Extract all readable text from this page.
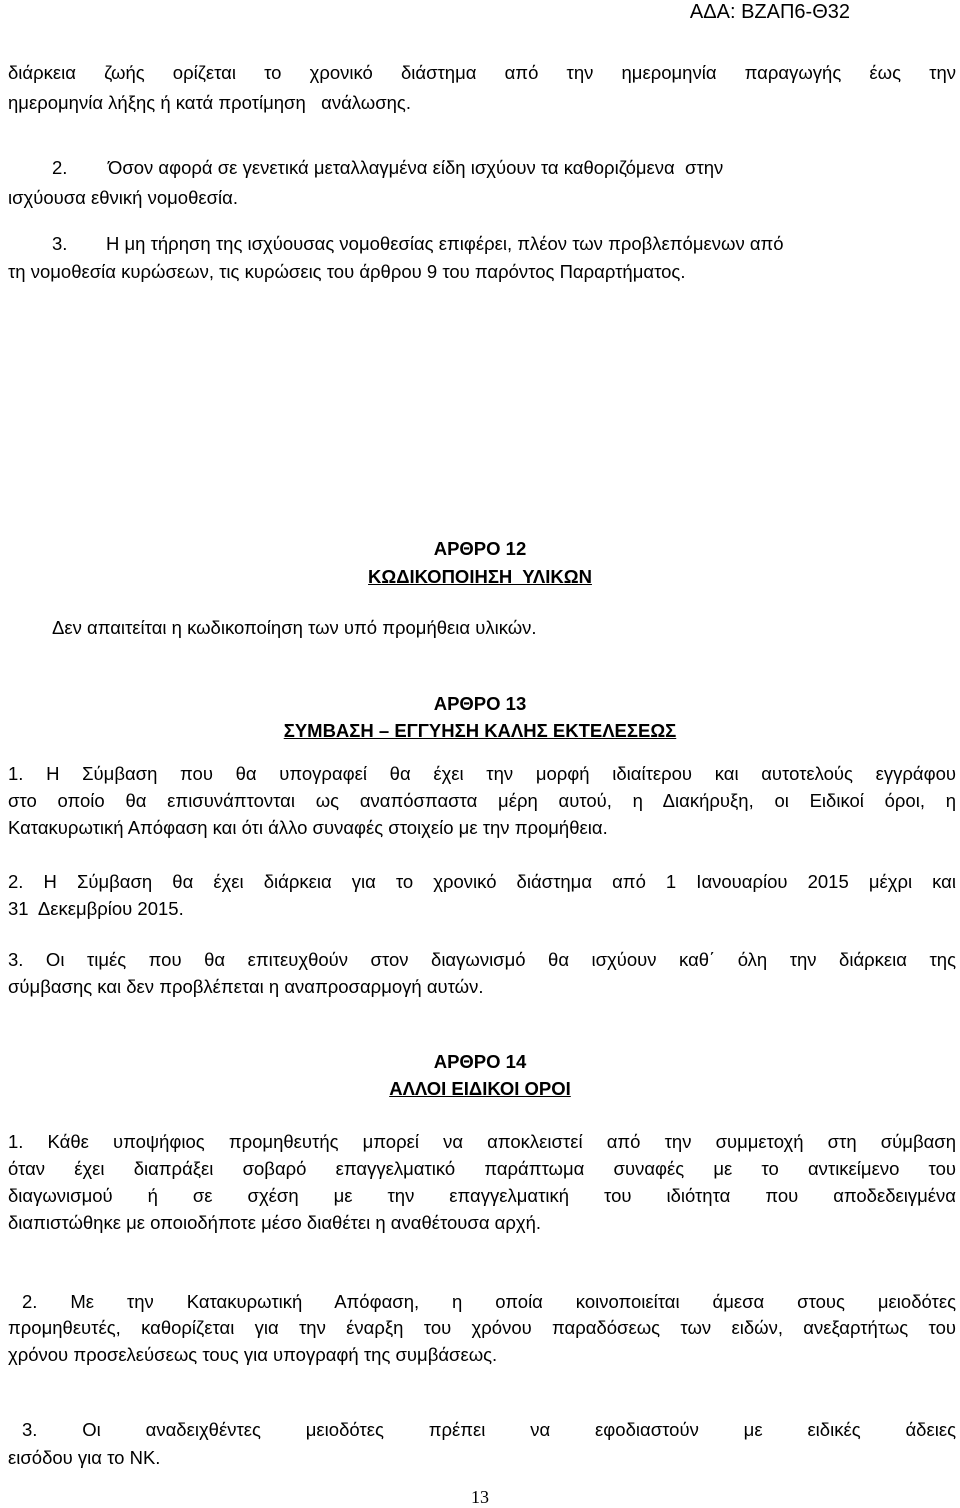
ΑΔΑ: ΒΖΑΠ6-Θ32
διάρκεια ζωής ορίζεται το χρονικό διάστημα από την ημερομηνία παραγωγής έως την
ημερομηνία λήξης ή κατά προτίμηση   ανάλωσης.
2. Όσον αφορά σε γενετικά μεταλλαγμένα είδη ισχύουν τα καθοριζόμενα  στην
ισχύουσα εθνική νομοθεσία.
3. Η μη τήρηση της ισχύουσας νομοθεσίας επιφέρει, πλέον των προβλεπόμενων από
τη νομοθεσία κυρώσεων, τις κυρώσεις του άρθρου 9 του παρόντος Παραρτήματος.
ΑΡΘΡΟ 12
ΚΩΔΙΚΟΠΟΙΗΣΗ  ΥΛΙΚΩΝ
Δεν απαιτείται η κωδικοποίηση των υπό προμήθεια υλικών.
ΑΡΘΡΟ 13
ΣΥΜΒΑΣΗ – ΕΓΓΥΗΣΗ ΚΑΛΗΣ ΕΚΤΕΛΕΣΕΩΣ
1. Η Σύμβαση που θα υπογραφεί θα έχει την μορφή ιδιαίτερου και αυτοτελούς εγγράφου
στο οποίο θα επισυνάπτονται ως αναπόσπαστα μέρη αυτού, η Διακήρυξη, οι Ειδικοί όροι, η
Κατακυρωτική Απόφαση και ότι άλλο συναφές στοιχείο με την προμήθεια.
2. Η Σύμβαση θα έχει διάρκεια για το χρονικό διάστημα από 1 Ιανουαρίου 2015 μέχρι και
31  Δεκεμβρίου 2015.
3. Οι τιμές που θα επιτευχθούν στον διαγωνισμό θα ισχύουν καθ΄ όλη την διάρκεια της
σύμβασης και δεν προβλέπεται η αναπροσαρμογή αυτών.
ΑΡΘΡΟ 14
ΑΛΛΟΙ ΕΙΔΙΚΟΙ ΟΡΟΙ
1. Κάθε υποψήφιος προμηθευτής μπορεί να αποκλειστεί από την συμμετοχή στη σύμβαση
όταν έχει διαπράξει σοβαρό επαγγελματικό παράπτωμα συναφές με το αντικείμενο του
διαγωνισμού ή σε σχέση με την επαγγελματική του ιδιότητα που αποδεδειγμένα
διαπιστώθηκε με οποιοδήποτε μέσο διαθέτει η αναθέτουσα αρχή.
2. Με την Κατακυρωτική Απόφαση, η οποία κοινοποιείται άμεσα στους μειοδότες
προμηθευτές, καθορίζεται για την έναρξη του χρόνου παραδόσεως των ειδών, ανεξαρτήτως του
χρόνου προσελεύσεως τους για υπογραφή της συμβάσεως.
3. Οι αναδειχθέντες μειοδότες πρέπει να εφοδιαστούν με ειδικές άδειες
εισόδου για το ΝΚ.
13
